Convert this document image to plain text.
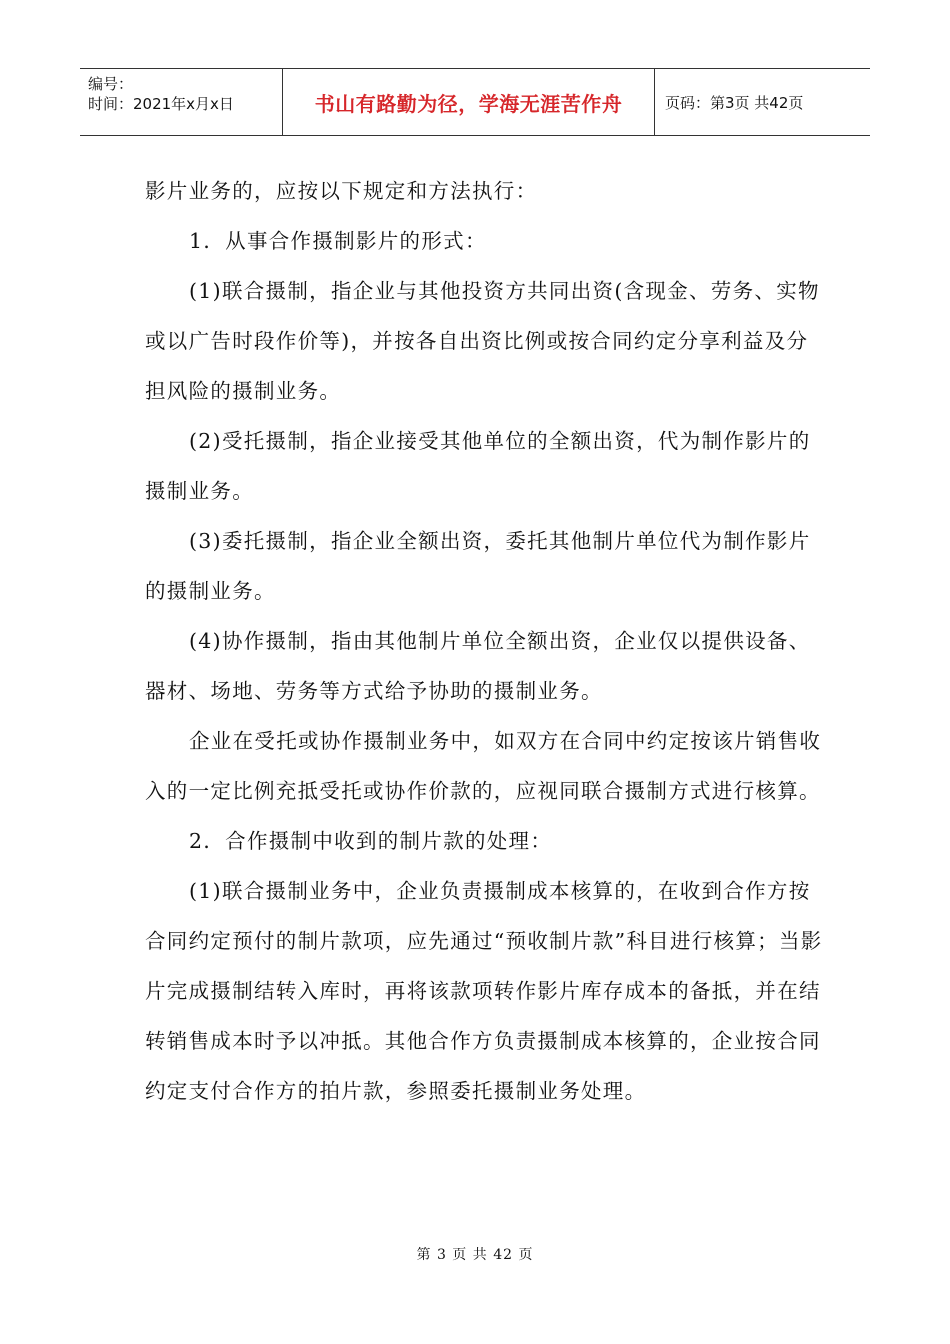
编号：
时间：2021年x月x日	书山有路勤为径，学海无涯苦作舟	页码：第3页 共42页

影片业务的，应按以下规定和方法执行：

1．从事合作摄制影片的形式：

(1)联合摄制，指企业与其他投资方共同出资(含现金、劳务、实物或以广告时段作价等)，并按各自出资比例或按合同约定分享利益及分担风险的摄制业务。

(2)受托摄制，指企业接受其他单位的全额出资，代为制作影片的摄制业务。

(3)委托摄制，指企业全额出资，委托其他制片单位代为制作影片的摄制业务。

(4)协作摄制，指由其他制片单位全额出资，企业仅以提供设备、器材、场地、劳务等方式给予协助的摄制业务。

企业在受托或协作摄制业务中，如双方在合同中约定按该片销售收入的一定比例充抵受托或协作价款的，应视同联合摄制方式进行核算。

2．合作摄制中收到的制片款的处理：

(1)联合摄制业务中，企业负责摄制成本核算的，在收到合作方按合同约定预付的制片款项，应先通过“预收制片款”科目进行核算；当影片完成摄制结转入库时，再将该款项转作影片库存成本的备抵，并在结转销售成本时予以冲抵。其他合作方负责摄制成本核算的，企业按合同约定支付合作方的拍片款，参照委托摄制业务处理。

第 3 页 共 42 页
